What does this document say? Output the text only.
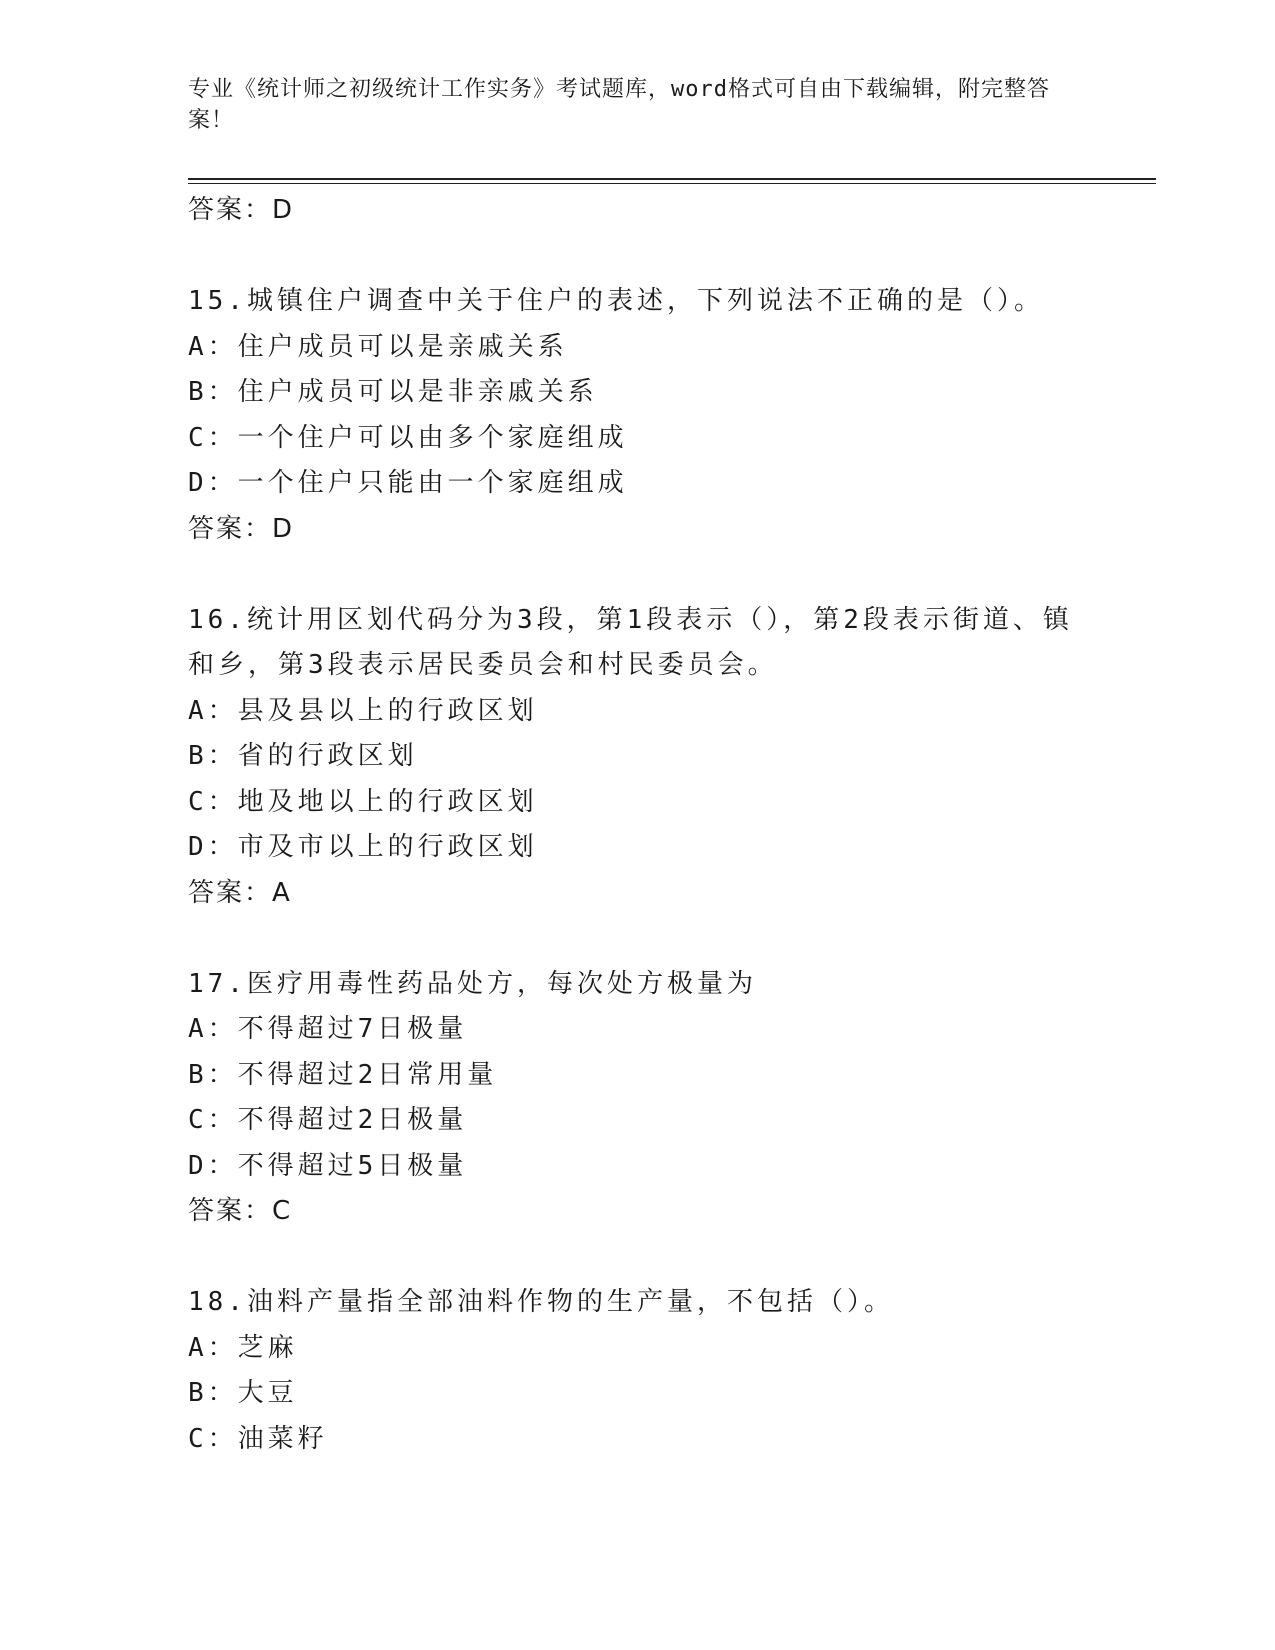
专业《统计师之初级统计工作实务》考试题库，word格式可自由下载编辑，附完整答案！
答案：D
15.城镇住户调查中关于住户的表述，下列说法不正确的是（）。
A：住户成员可以是亲戚关系
B：住户成员可以是非亲戚关系
C：一个住户可以由多个家庭组成
D：一个住户只能由一个家庭组成
答案：D
16.统计用区划代码分为3段，第1段表示（），第2段表示街道、镇
和乡，第3段表示居民委员会和村民委员会。
A：县及县以上的行政区划
B：省的行政区划
C：地及地以上的行政区划
D：市及市以上的行政区划
答案：A
17.医疗用毒性药品处方，每次处方极量为
A：不得超过7日极量
B：不得超过2日常用量
C：不得超过2日极量
D：不得超过5日极量
答案：C
18.油料产量指全部油料作物的生产量，不包括（）。
A：芝麻
B：大豆
C：油菜籽
